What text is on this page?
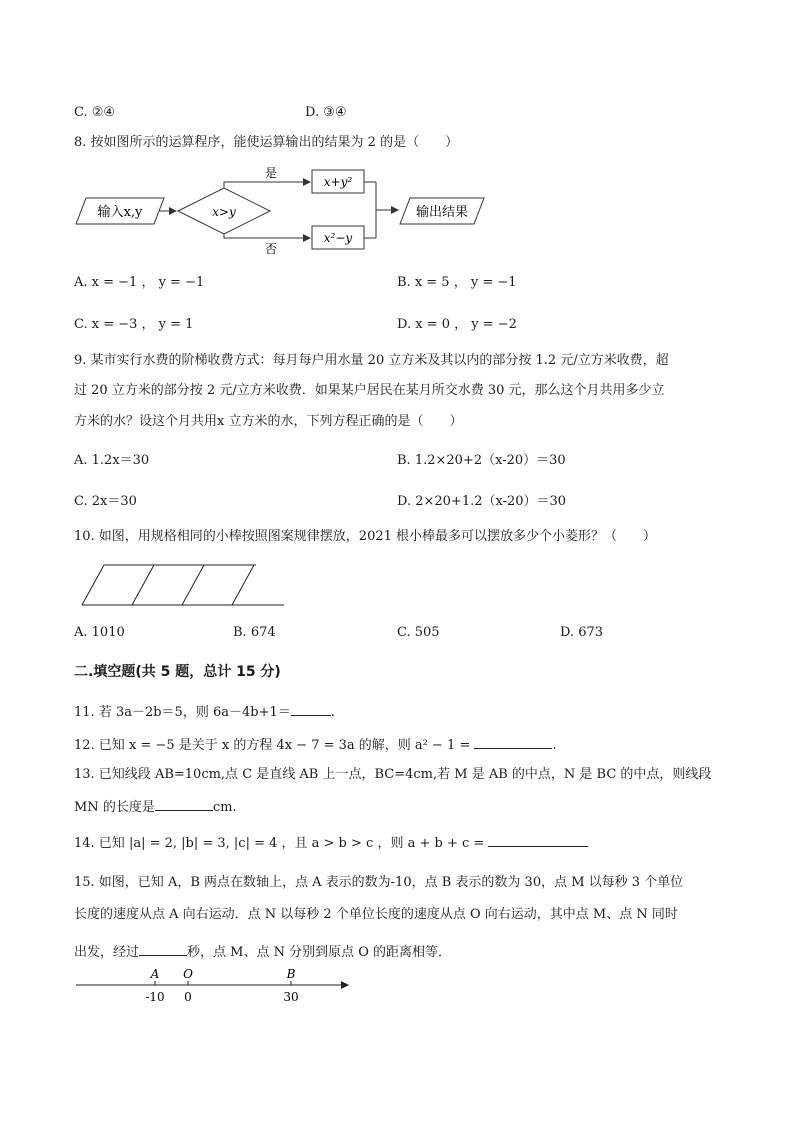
C. ②④	D. ③④
8. 按如图所示的运算程序，能使运算输出的结果为 2 的是（　　）
输入x,y	x>y
是
x+y²
否
x²−y
输出结果
A. x = −1 ， y = −1	B. x = 5 ， y = −1
C. x = −3 ， y = 1	D. x = 0 ， y = −2
9. 某市实行水费的阶梯收费方式：每月每户用水量 20 立方米及其以内的部分按 1.2 元/立方米收费，超
过 20 立方米的部分按 2 元/立方米收费．如果某户居民在某月所交水费 30 元，那么这个月共用多少立
方米的水？设这个月共用x 立方米的水，下列方程正确的是（　　）
A. 1.2x＝30	B. 1.2×20+2（x-20）＝30
C. 2x＝30	D. 2×20+1.2（x-20）＝30
10. 如图，用规格相同的小棒按照图案规律摆放，2021 根小棒最多可以摆放多少个小菱形？（　　）
A. 1010	B. 674	C. 505	D. 673
二.填空题(共 5 题，总计 15 分)
11. 若 3a－2b＝5，则 6a－4b+1＝	.
12. 已知 x = −5 是关于 x 的方程 4x − 7 = 3a 的解，则 a² − 1 =	.
13. 已知线段 AB=10cm,点 C 是直线 AB 上一点，BC=4cm,若 M 是 AB 的中点，N 是 BC 的中点，则线段
MN 的长度是	cm.
14. 已知 |a| = 2, |b| = 3, |c| = 4 ，且 a > b > c ，则 a + b + c =
15. 如图，已知 A，B 两点在数轴上，点 A 表示的数为-10，点 B 表示的数为 30，点 M 以每秒 3 个单位
长度的速度从点 A 向右运动．点 N 以每秒 2 个单位长度的速度从点 O 向右运动，其中点 M、点 N 同时
出发，经过	秒，点 M、点 N 分别到原点 O 的距离相等．
A
-10
O
0
B
30
